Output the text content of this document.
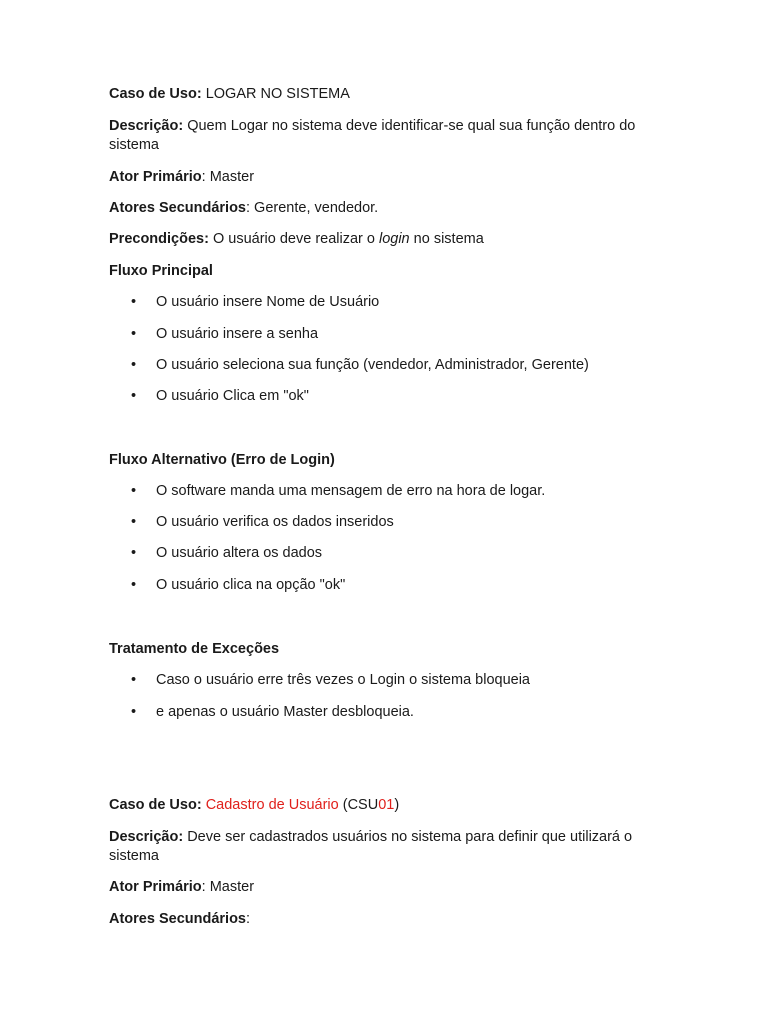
Caso de Uso: LOGAR NO SISTEMA
Descrição: Quem Logar no sistema deve identificar-se qual sua função dentro do sistema
Ator Primário: Master
Atores Secundários: Gerente, vendedor.
Precondições: O usuário deve realizar o login no sistema
Fluxo Principal
• O usuário insere Nome de Usuário
• O usuário insere a senha
• O usuário seleciona sua função (vendedor, Administrador, Gerente)
• O usuário Clica em "ok"
Fluxo Alternativo (Erro de Login)
• O software manda uma mensagem de erro na hora de logar.
• O usuário verifica os dados inseridos
• O usuário altera os dados
• O usuário clica na opção "ok"
Tratamento de Exceções
• Caso o usuário erre três vezes o Login o sistema bloqueia
• e apenas o usuário Master desbloqueia.
Caso de Uso: Cadastro de Usuário (CSU01)
Descrição: Deve ser cadastrados usuários no sistema para definir que utilizará o sistema
Ator Primário: Master
Atores Secundários:
